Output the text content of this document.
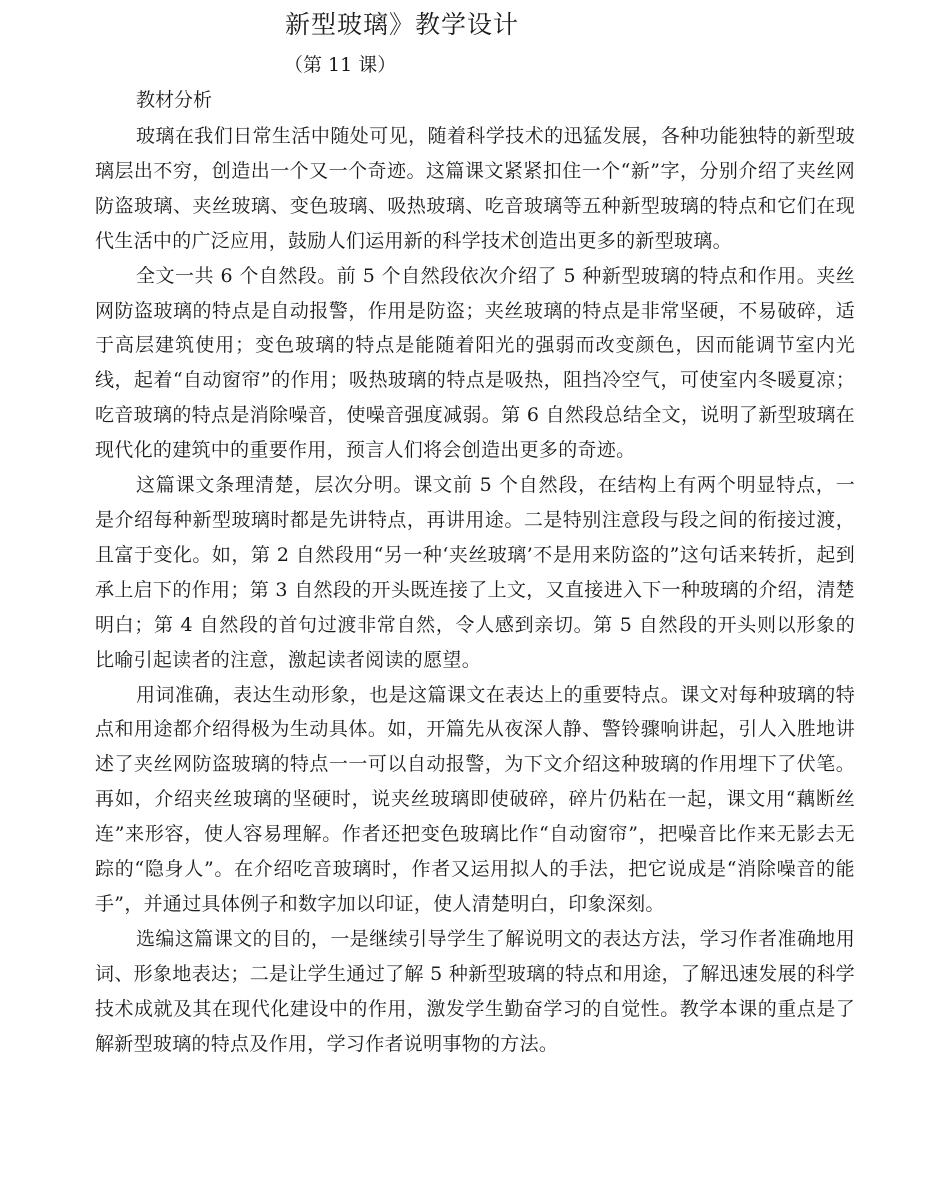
新型玻璃》教学设计
（第 11 课）
教材分析

玻璃在我们日常生活中随处可见，随着科学技术的迅猛发展，各种功能独特的新型玻璃层出不穷，创造出一个又一个奇迹。这篇课文紧紧扣住一个“新”字，分别介绍了夹丝网防盗玻璃、夹丝玻璃、变色玻璃、吸热玻璃、吃音玻璃等五种新型玻璃的特点和它们在现代生活中的广泛应用，鼓励人们运用新的科学技术创造出更多的新型玻璃。

全文一共 6 个自然段。前 5 个自然段依次介绍了 5 种新型玻璃的特点和作用。夹丝网防盗玻璃的特点是自动报警，作用是防盗；夹丝玻璃的特点是非常坚硬，不易破碎，适于高层建筑使用；变色玻璃的特点是能随着阳光的强弱而改变颜色，因而能调节室内光线，起着“自动窗帘”的作用；吸热玻璃的特点是吸热，阻挡冷空气，可使室内冬暖夏凉；吃音玻璃的特点是消除噪音，使噪音强度减弱。第 6 自然段总结全文，说明了新型玻璃在现代化的建筑中的重要作用，预言人们将会创造出更多的奇迹。

这篇课文条理清楚，层次分明。课文前 5 个自然段，在结构上有两个明显特点，一是介绍每种新型玻璃时都是先讲特点，再讲用途。二是特别注意段与段之间的衔接过渡，且富于变化。如，第 2 自然段用“另一种‘夹丝玻璃’不是用来防盗的”这句话来转折，起到承上启下的作用；第 3 自然段的开头既连接了上文，又直接进入下一种玻璃的介绍，清楚明白；第 4 自然段的首句过渡非常自然，令人感到亲切。第 5 自然段的开头则以形象的比喻引起读者的注意，激起读者阅读的愿望。

用词准确，表达生动形象，也是这篇课文在表达上的重要特点。课文对每种玻璃的特点和用途都介绍得极为生动具体。如，开篇先从夜深人静、警铃骤响讲起，引人入胜地讲述了夹丝网防盗玻璃的特点一一可以自动报警，为下文介绍这种玻璃的作用埋下了伏笔。再如，介绍夹丝玻璃的坚硬时，说夹丝玻璃即使破碎，碎片仍粘在一起，课文用“藕断丝连”来形容，使人容易理解。作者还把变色玻璃比作“自动窗帘”，把噪音比作来无影去无踪的“隐身人”。在介绍吃音玻璃时，作者又运用拟人的手法，把它说成是“消除噪音的能手”，并通过具体例子和数字加以印证，使人清楚明白，印象深刻。

选编这篇课文的目的，一是继续引导学生了解说明文的表达方法，学习作者准确地用词、形象地表达；二是让学生通过了解 5 种新型玻璃的特点和用途，了解迅速发展的科学技术成就及其在现代化建设中的作用，激发学生勤奋学习的自觉性。教学本课的重点是了解新型玻璃的特点及作用，学习作者说明事物的方法。
